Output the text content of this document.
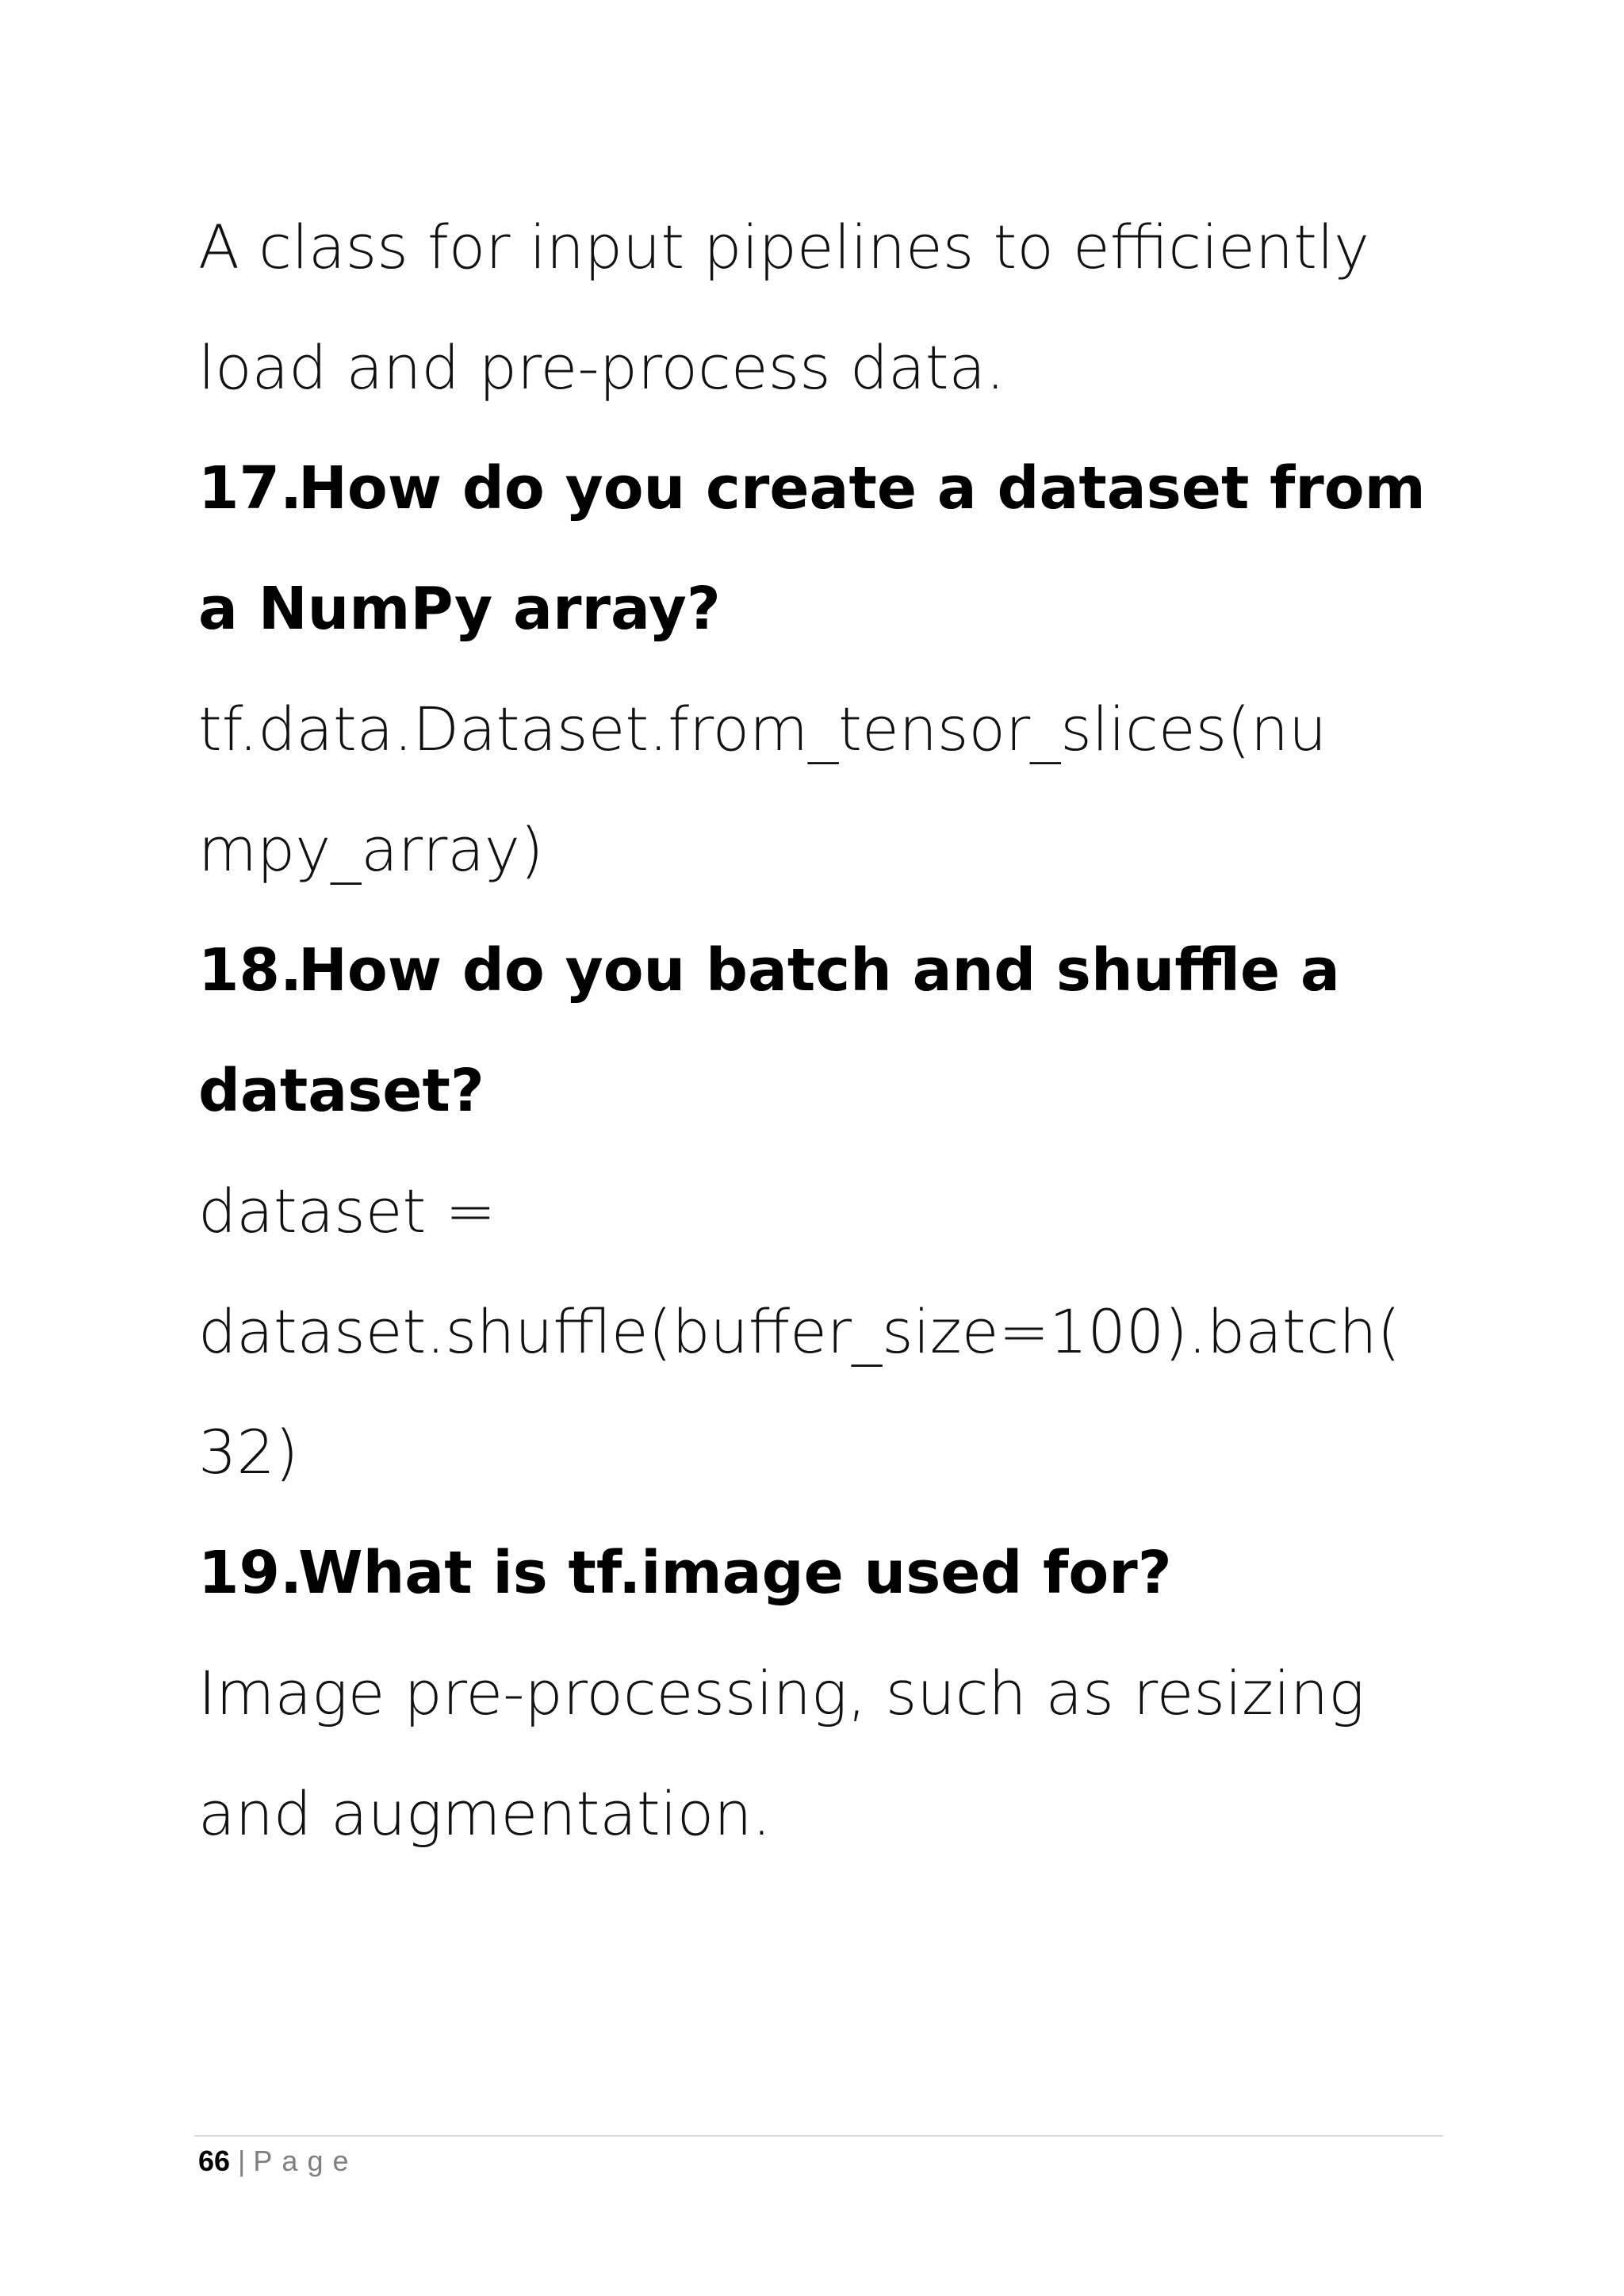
A class for input pipelines to efficiently
load and pre-process data.
17.How do you create a dataset from
a NumPy array?
tf.data.Dataset.from_tensor_slices(nu
mpy_array)
18.How do you batch and shuffle a
dataset?
dataset =
dataset.shuffle(buffer_size=100).batch(
32)
19.What is tf.image used for?
Image pre-processing, such as resizing
and augmentation.
66 | Page
